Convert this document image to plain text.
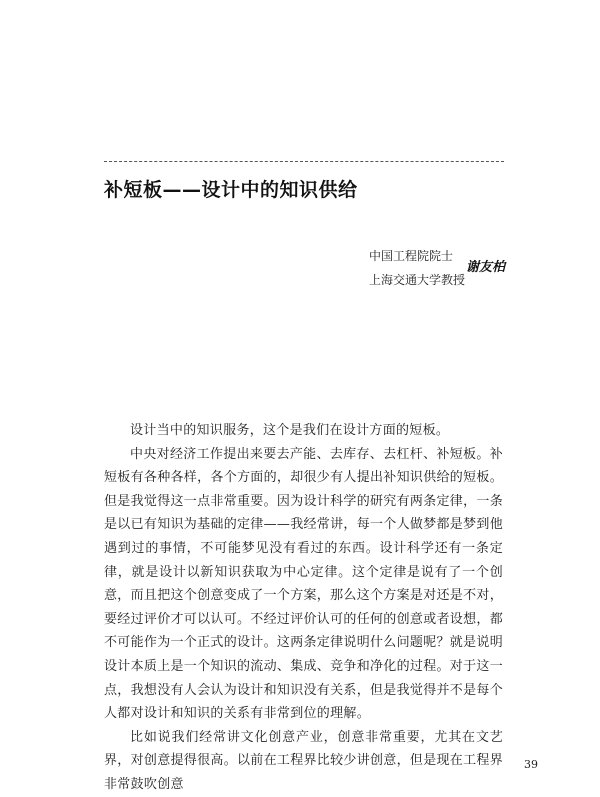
补短板——设计中的知识供给
中国工程院院士
上海交通大学教授
谢友柏

设计当中的知识服务，这个是我们在设计方面的短板。

中央对经济工作提出来要去产能、去库存、去杠杆、补短板。补短板有各种各样，各个方面的，却很少有人提出补知识供给的短板。但是我觉得这一点非常重要。因为设计科学的研究有两条定律，一条是以已有知识为基础的定律——我经常讲，每一个人做梦都是梦到他遇到过的事情，不可能梦见没有看过的东西。设计科学还有一条定律，就是设计以新知识获取为中心定律。这个定律是说有了一个创意，而且把这个创意变成了一个方案，那么这个方案是对还是不对，要经过评价才可以认可。不经过评价认可的任何的创意或者设想，都不可能作为一个正式的设计。这两条定律说明什么问题呢？就是说明设计本质上是一个知识的流动、集成、竞争和净化的过程。对于这一点，我想没有人会认为设计和知识没有关系，但是我觉得并不是每个人都对设计和知识的关系有非常到位的理解。

比如说我们经常讲文化创意产业，创意非常重要，尤其在文艺界，对创意提得很高。以前在工程界比较少讲创意，但是现在工程界非常鼓吹创意

39
